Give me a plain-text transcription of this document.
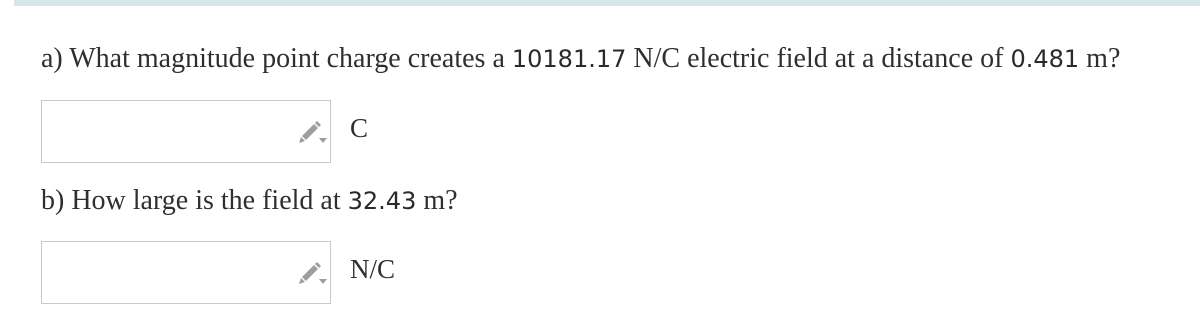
a) What magnitude point charge creates a 10181.17 N/C electric field at a distance of 0.481 m?
C
b) How large is the field at 32.43 m?
N/C
